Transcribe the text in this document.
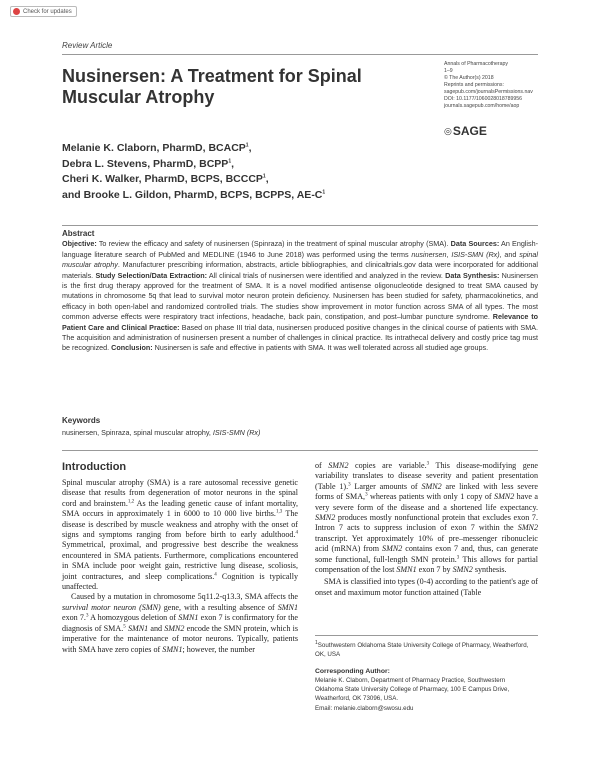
Check for updates
Review Article
Nusinersen: A Treatment for Spinal Muscular Atrophy
Annals of Pharmacotherapy
1–9
© The Author(s) 2018
Reprints and permissions:
sagepub.com/journalsPermissions.nav
DOI: 10.1177/1060028018789956
journals.sagepub.com/home/aop
◎ SAGE
Melanie K. Claborn, PharmD, BCACP$^1$,
Debra L. Stevens, PharmD, BCPP$^1$,
Cheri K. Walker, PharmD, BCPS, BCCCP$^1$,
and Brooke L. Gildon, PharmD, BCPS, BCPPS, $AE-C^1$
Abstract
Objective: To review the efficacy and safety of nusinersen (Spinraza) in the treatment of spinal muscular atrophy (SMA). Data Sources: An English-language literature search of PubMed and MEDLINE (1946 to June 2018) was performed using the terms nusinersen, ISIS-SMN (Rx), and spinal muscular atrophy. Manufacturer prescribing information, abstracts, article bibliographies, and clinicaltrials.gov data were incorporated for additional materials. Study Selection/Data Extraction: All clinical trials of nusinersen were identified and analyzed in the review. Data Synthesis: Nusinersen is the first drug therapy approved for the treatment of SMA. It is a novel modified antisense oligonucleotide designed to treat SMA caused by mutations in chromosome 5q that lead to survival motor neuron protein deficiency. Nusinersen has been studied for safety, pharmacokinetics, and efficacy in both open-label and randomized controlled trials. The studies show improvement in motor function across SMA of all types. The most common adverse effects were respiratory tract infections, headache, back pain, constipation, and post–lumbar puncture syndrome. Relevance to Patient Care and Clinical Practice: Based on phase III trial data, nusinersen produced positive changes in the clinical course of patients with SMA. The acquisition and administration of nusinersen present a number of challenges in clinical practice. Its intrathecal delivery and costly price tag must be recognized. Conclusion: Nusinersen is safe and effective in patients with SMA. It was well tolerated across all studied age groups.
Keywords
nusinersen, Spinraza, spinal muscular atrophy, ISIS-SMN (Rx)
Introduction

Spinal muscular atrophy (SMA) is a rare autosomal recessive genetic disease that results from degeneration of motor neurons in the spinal cord and brainstem.$^{1,2}$ As the leading genetic cause of infant mortality, SMA occurs in approximately 1 in 6000 to 10 000 live births.$^{1,3}$ The disease is described by muscle weakness and atrophy with the onset of signs and symptoms ranging from before birth to early adulthood.$^4$ Symmetrical, proximal, and progressive best describe the weakness encountered in SMA patients. Furthermore, complications encountered in SMA include poor weight gain, restrictive lung disease, scoliosis, joint contractures, and sleep complications.$^4$ Cognition is typically unaffected.

Caused by a mutation in chromosome 5q11.2-q13.3, SMA affects the survival motor neuron (SMN) gene, with a resulting absence of SMN1 exon 7.$^3$ A homozygous deletion of SMN1 exon 7 is confirmatory for the diagnosis of SMA.$^5$ SMN1 and SMN2 encode the SMN protein, which is imperative for the maintenance of motor neurons. Typically, patients with SMA have zero copies of SMN1; however, the number

of SMN2 copies are variable.$^3$ This disease-modifying gene variability translates to disease severity and patient presentation (Table 1).$^3$ Larger amounts of SMN2 are linked with less severe forms of SMA,$^3$ whereas patients with only 1 copy of SMN2 have a very severe form of the disease and a shortened life expectancy. SMN2 produces mostly nonfunctional protein that excludes exon 7. Intron 7 acts to suppress inclusion of exon 7 within the SMN2 transcript. Yet approximately 10% of pre–messenger ribonucleic acid (mRNA) from SMN2 contains exon 7 and, thus, can generate some functional, full-length SMN protein.$^3$ This allows for partial compensation of the lost SMN1 exon 7 by SMN2 synthesis.

SMA is classified into types (0-4) according to the patient's age of onset and maximum motor function attained (Table

$^1$Southwestern Oklahoma State University College of Pharmacy, Weatherford, OK, USA
Corresponding Author:
Melanie K. Claborn, Department of Pharmacy Practice, Southwestern
Oklahoma State University College of Pharmacy, 100 E Campus Drive,
Weatherford, OK 73096, USA.
Email: melanie.claborn@swosu.edu
